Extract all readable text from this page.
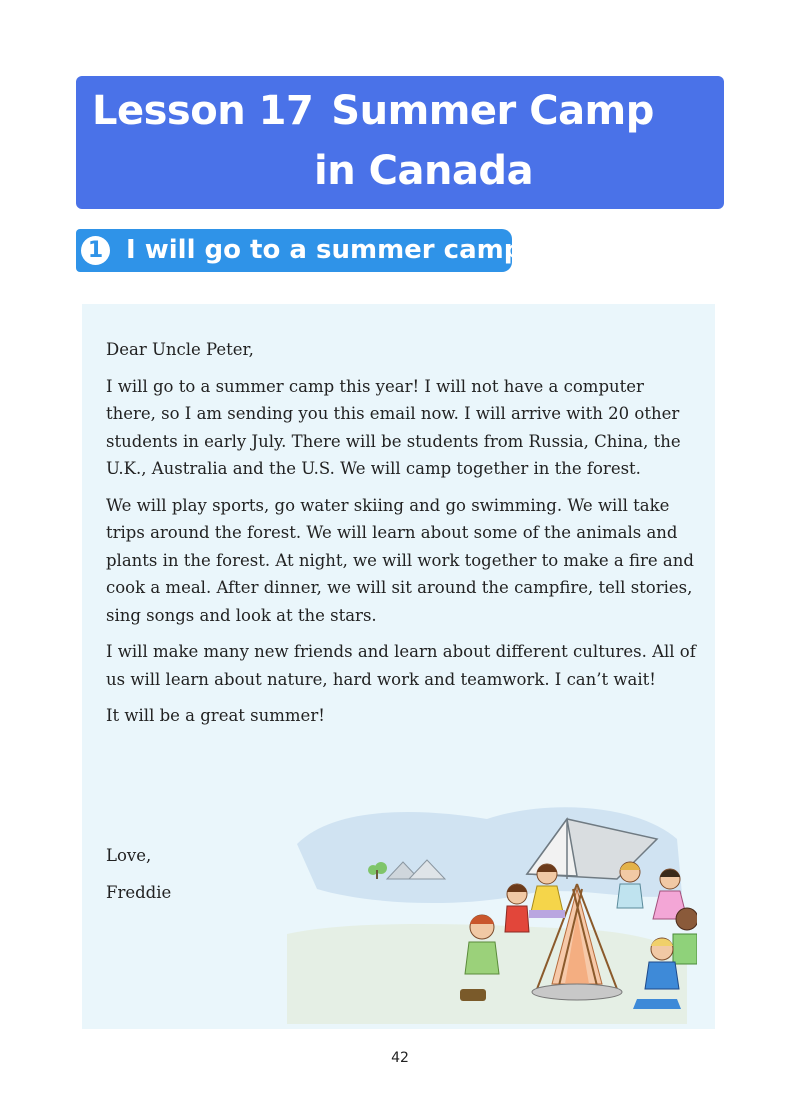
Lesson 17 Summer Camp
in Canada
1 I will go to a summer camp!

Dear Uncle Peter,

I will go to a summer camp this year! I will not have a computer there, so I am sending you this email now. I will arrive with 20 other students in early July. There will be students from Russia, China, the U.K., Australia and the U.S. We will camp together in the forest.

We will play sports, go water skiing and go swimming. We will take trips around the forest. We will learn about some of the animals and plants in the forest. At night, we will work together to make a fire and cook a meal. After dinner, we will sit around the campfire, tell stories, sing songs and look at the stars.

I will make many new friends and learn about different cultures. All of us will learn about nature, hard work and teamwork. I can’t wait!

It will be a great summer!

Love,
Freddie
42
